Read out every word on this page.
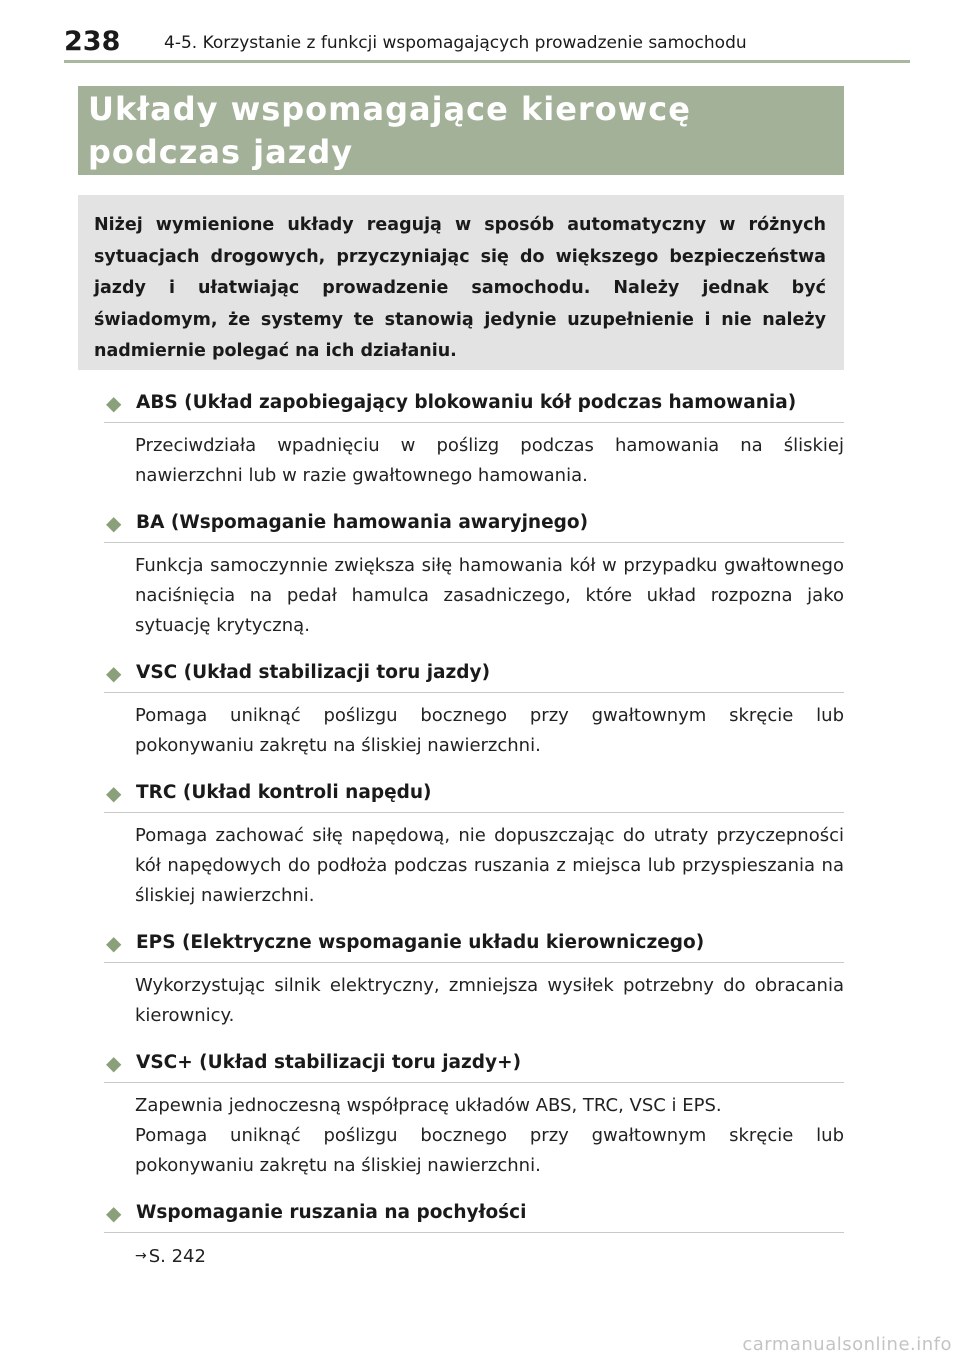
238	4-5. Korzystanie z funkcji wspomagających prowadzenie samochodu
Układy wspomagające kierowcę
podczas jazdy

Niżej wymienione układy reagują w sposób automatyczny w różnych sytuacjach drogowych, przyczyniając się do większego bezpieczeństwa jazdy i ułatwiając prowadzenie samochodu. Należy jednak być świadomym, że systemy te stanowią jedynie uzupełnienie i nie należy nadmiernie polegać na ich działaniu.

◆ ABS (Układ zapobiegający blokowaniu kół podczas hamowania)
Przeciwdziała wpadnięciu w poślizg podczas hamowania na śliskiej nawierzchni lub w razie gwałtownego hamowania.
◆ BA (Wspomaganie hamowania awaryjnego)
Funkcja samoczynnie zwiększa siłę hamowania kół w przypadku gwałtownego naciśnięcia na pedał hamulca zasadniczego, które układ rozpozna jako sytuację krytyczną.
◆ VSC (Układ stabilizacji toru jazdy)
Pomaga uniknąć poślizgu bocznego przy gwałtownym skręcie lub pokonywaniu zakrętu na śliskiej nawierzchni.
◆ TRC (Układ kontroli napędu)
Pomaga zachować siłę napędową, nie dopuszczając do utraty przyczepności kół napędowych do podłoża podczas ruszania z miejsca lub przyspieszania na śliskiej nawierzchni.
◆ EPS (Elektryczne wspomaganie układu kierowniczego)
Wykorzystując silnik elektryczny, zmniejsza wysiłek potrzebny do obracania kierownicy.
◆ VSC+ (Układ stabilizacji toru jazdy+)
Zapewnia jednoczesną współpracę układów ABS, TRC, VSC i EPS.
Pomaga uniknąć poślizgu bocznego przy gwałtownym skręcie lub pokonywaniu zakrętu na śliskiej nawierzchni.
◆ Wspomaganie ruszania na pochyłości
→ S. 242
carmanualsonline.info
